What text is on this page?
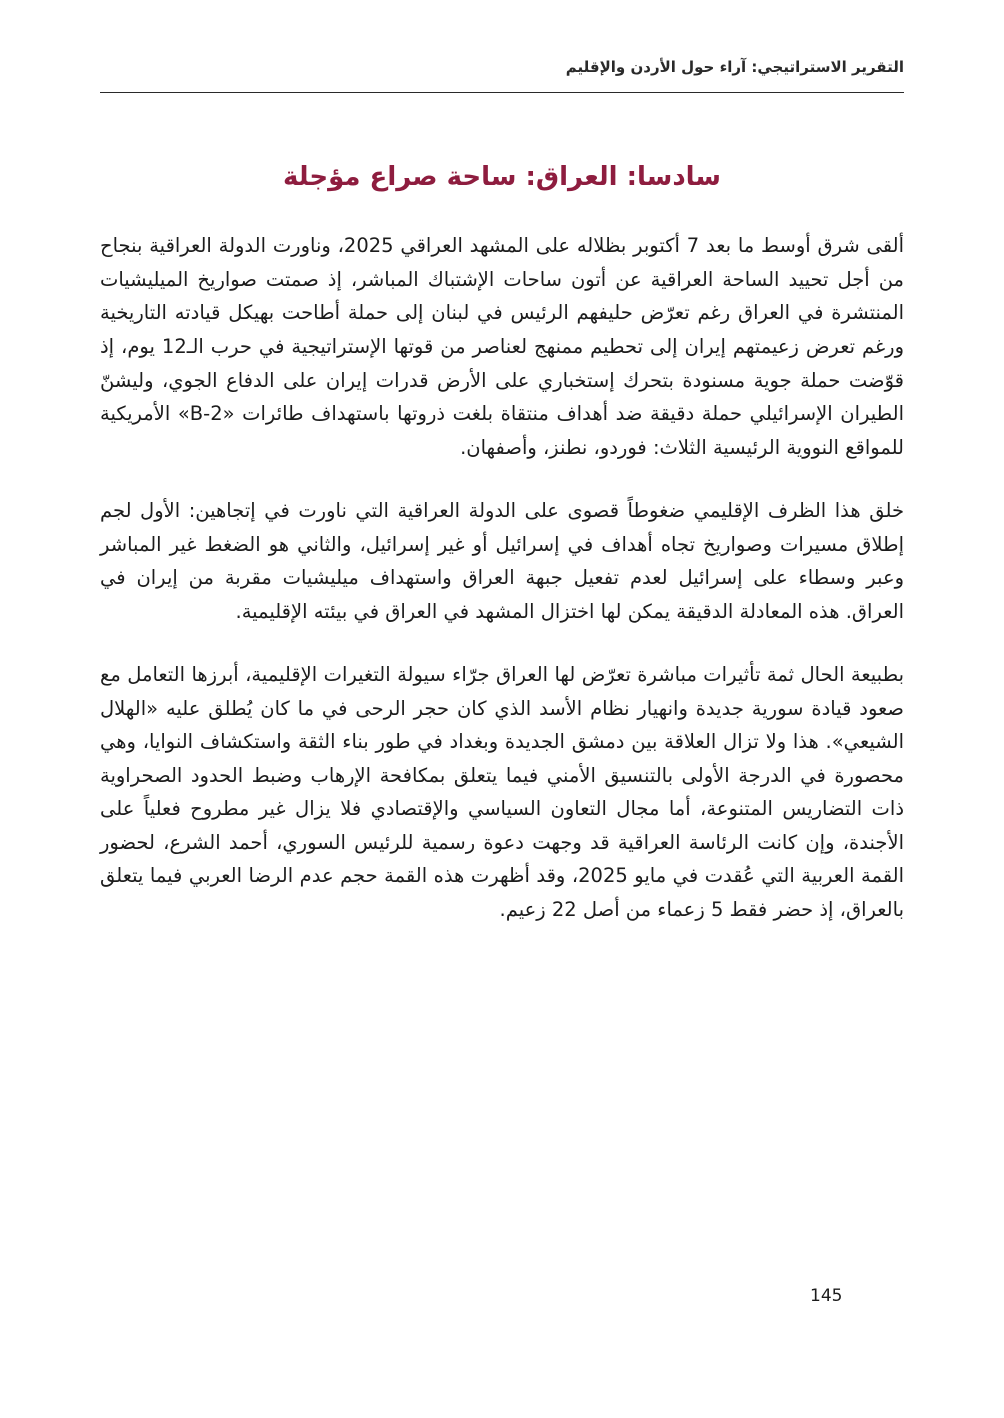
التقرير الاستراتيجي: آراء حول الأردن والإقليم
سادسا: العراق: ساحة صراع مؤجلة

ألقى شرق أوسط ما بعد 7 أكتوبر بظلاله على المشهد العراقي 2025، وناورت الدولة العراقية بنجاح من أجل تحييد الساحة العراقية عن أتون ساحات الإشتباك المباشر، إذ صمتت صواريخ الميليشيات المنتشرة في العراق رغم تعرّض حليفهم الرئيس في لبنان إلى حملة أطاحت بهيكل قيادته التاريخية ورغم تعرض زعيمتهم إيران إلى تحطيم ممنهج لعناصر من قوتها الإستراتيجية في حرب الـ12 يوم، إذ قوّضت حملة جوية مسنودة بتحرك إستخباري على الأرض قدرات إيران على الدفاع الجوي، وليشنّ الطيران الإسرائيلي حملة دقيقة ضد أهداف منتقاة بلغت ذروتها باستهداف طائرات «B-2» الأمريكية للمواقع النووية الرئيسية الثلاث: فوردو، نطنز، وأصفهان.

خلق هذا الظرف الإقليمي ضغوطاً قصوى على الدولة العراقية التي ناورت في إتجاهين: الأول لجم إطلاق مسيرات وصواريخ تجاه أهداف في إسرائيل أو غير إسرائيل، والثاني هو الضغط غير المباشر وعبر وسطاء على إسرائيل لعدم تفعيل جبهة العراق واستهداف ميليشيات مقربة من إيران في العراق. هذه المعادلة الدقيقة يمكن لها اختزال المشهد في العراق في بيئته الإقليمية.

بطبيعة الحال ثمة تأثيرات مباشرة تعرّض لها العراق جرّاء سيولة التغيرات الإقليمية، أبرزها التعامل مع صعود قيادة سورية جديدة وانهيار نظام الأسد الذي كان حجر الرحى في ما كان يُطلق عليه «الهلال الشيعي». هذا ولا تزال العلاقة بين دمشق الجديدة وبغداد في طور بناء الثقة واستكشاف النوايا، وهي محصورة في الدرجة الأولى بالتنسيق الأمني فيما يتعلق بمكافحة الإرهاب وضبط الحدود الصحراوية ذات التضاريس المتنوعة، أما مجال التعاون السياسي والإقتصادي فلا يزال غير مطروح فعلياً على الأجندة، وإن كانت الرئاسة العراقية قد وجهت دعوة رسمية للرئيس السوري، أحمد الشرع، لحضور القمة العربية التي عُقدت في مايو 2025، وقد أظهرت هذه القمة حجم عدم الرضا العربي فيما يتعلق بالعراق، إذ حضر فقط 5 زعماء من أصل 22 زعيم.

145
